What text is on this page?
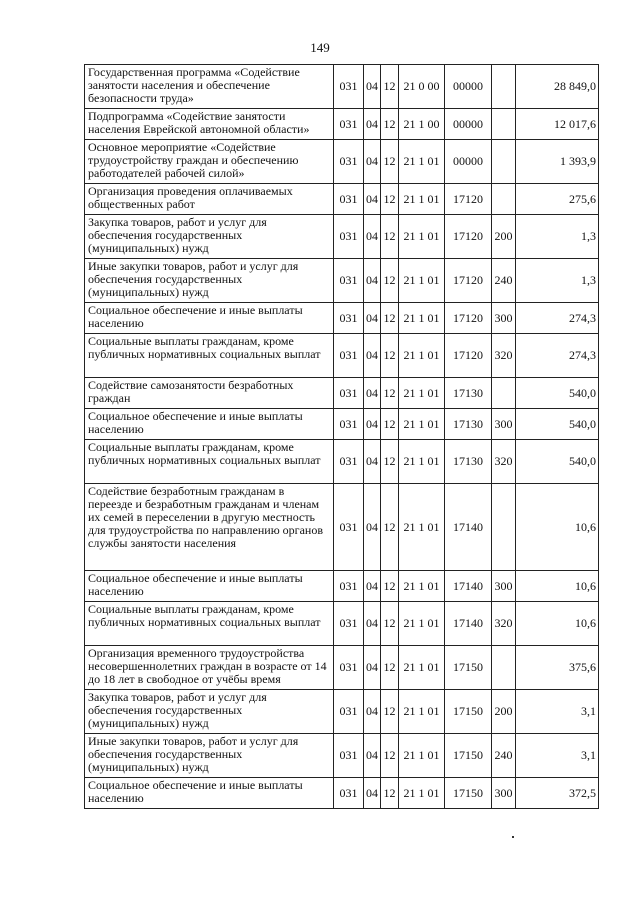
149
Государственная программа «Содействие занятости населения и обеспечение безопасности труда»	031	04	12	21 0 00	00000		28 849,0
Подпрограмма «Содействие занятости населения Еврейской автономной области»	031	04	12	21 1 00	00000		12 017,6
Основное мероприятие «Содействие трудоустройству граждан и обеспечению работодателей рабочей силой»	031	04	12	21 1 01	00000		1 393,9
Организация проведения оплачиваемых общественных работ	031	04	12	21 1 01	17120		275,6
Закупка товаров, работ и услуг для обеспечения государственных (муниципальных) нужд	031	04	12	21 1 01	17120	200	1,3
Иные закупки товаров, работ и услуг для обеспечения государственных (муниципальных) нужд	031	04	12	21 1 01	17120	240	1,3
Социальное обеспечение и иные выплаты населению	031	04	12	21 1 01	17120	300	274,3
Социальные выплаты гражданам, кроме публичных нормативных социальных выплат	031	04	12	21 1 01	17120	320	274,3
Содействие самозанятости безработных граждан	031	04	12	21 1 01	17130		540,0
Социальное обеспечение и иные выплаты населению	031	04	12	21 1 01	17130	300	540,0
Социальные выплаты гражданам, кроме публичных нормативных социальных выплат	031	04	12	21 1 01	17130	320	540,0
Содействие безработным гражданам в переезде и безработным гражданам и членам их семей в переселении в другую местность для трудоустройства по направлению органов службы занятости населения	031	04	12	21 1 01	17140		10,6
Социальное обеспечение и иные выплаты населению	031	04	12	21 1 01	17140	300	10,6
Социальные выплаты гражданам, кроме публичных нормативных социальных выплат	031	04	12	21 1 01	17140	320	10,6
Организация временного трудоустройства несовершеннолетних граждан в возрасте от 14 до 18 лет в свободное от учёбы время	031	04	12	21 1 01	17150		375,6
Закупка товаров, работ и услуг для обеспечения государственных (муниципальных) нужд	031	04	12	21 1 01	17150	200	3,1
Иные закупки товаров, работ и услуг для обеспечения государственных (муниципальных) нужд	031	04	12	21 1 01	17150	240	3,1
Социальное обеспечение и иные выплаты населению	031	04	12	21 1 01	17150	300	372,5
